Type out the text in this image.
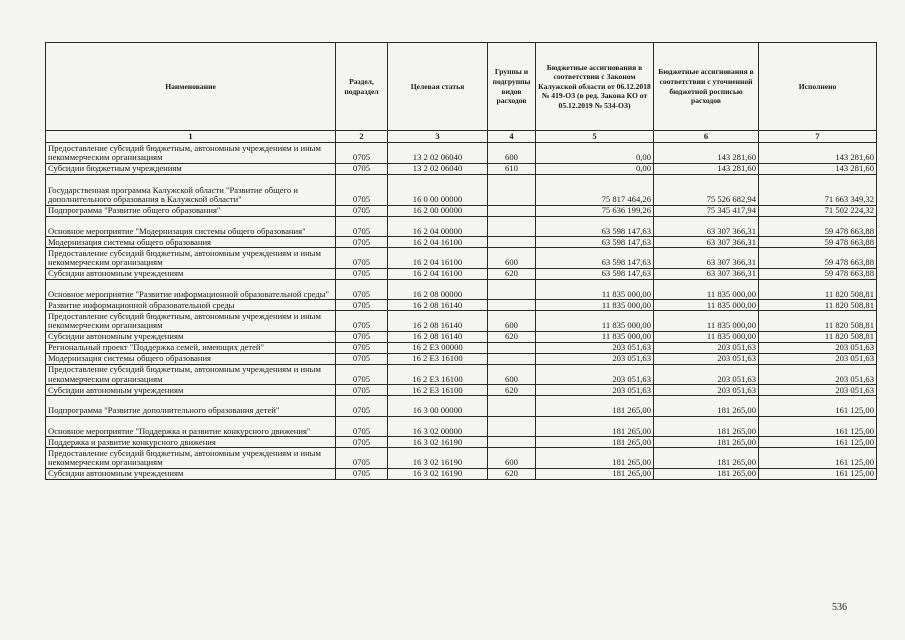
Наименование	Раздел, подраздел	Целевая статья	Группы и подгруппы видов расходов	Бюджетные ассигнования в соответствии с Законом Калужской области от 06.12.2018 № 419-ОЗ (в ред. Закона КО от 05.12.2019 № 534-ОЗ)	Бюджетные ассигнования в соответствии с уточненной бюджетной росписью расходов	Исполнено
1	2	3	4	5	6	7
Предоставление субсидий бюджетным, автономным учреждениям и иным некоммерческим организациям	0705	13 2 02 06040	600	0,00	143 281,60	143 281,60
Субсидии бюджетным учреждениям	0705	13 2 02 06040	610	0,00	143 281,60	143 281,60
Государственная программа Калужской области "Развитие общего и дополнительного образования в Калужской области"	0705	16 0 00 00000		75 817 464,26	75 526 682,94	71 663 349,32
Подпрограмма "Развитие общего образования"	0705	16 2 00 00000		75 636 199,26	75 345 417,94	71 502 224,32
Основное мероприятие "Модернизация системы общего образования"	0705	16 2 04 00000		63 598 147,63	63 307 366,31	59 478 663,88
Модернизация системы общего образования	0705	16 2 04 16100		63 598 147,63	63 307 366,31	59 478 663,88
Предоставление субсидий бюджетным, автономным учреждениям и иным некоммерческим организациям	0705	16 2 04 16100	600	63 598 147,63	63 307 366,31	59 478 663,88
Субсидии автономным учреждениям	0705	16 2 04 16100	620	63 598 147,63	63 307 366,31	59 478 663,88
Основное мероприятие "Развитие информационной образовательной среды"	0705	16 2 08 00000		11 835 000,00	11 835 000,00	11 820 508,81
Развитие информационной образовательной среды	0705	16 2 08 16140		11 835 000,00	11 835 000,00	11 820 508,81
Предоставление субсидий бюджетным, автономным учреждениям и иным некоммерческим организациям	0705	16 2 08 16140	600	11 835 000,00	11 835 000,00	11 820 508,81
Субсидии автономным учреждениям	0705	16 2 08 16140	620	11 835 000,00	11 835 000,00	11 820 508,81
Региональный проект "Поддержка семей, имеющих детей"	0705	16 2 E3 00000		203 051,63	203 051,63	203 051,63
Модернизация системы общего образования	0705	16 2 E3 16100		203 051,63	203 051,63	203 051,63
Предоставление субсидий бюджетным, автономным учреждениям и иным некоммерческим организациям	0705	16 2 E3 16100	600	203 051,63	203 051,63	203 051,63
Субсидии автономным учреждениям	0705	16 2 E3 16100	620	203 051,63	203 051,63	203 051,63
Подпрограмма "Развитие дополнительного образования детей"	0705	16 3 00 00000		181 265,00	181 265,00	161 125,00
Основное мероприятие "Поддержка и развитие конкурсного движения"	0705	16 3 02 00000		181 265,00	181 265,00	161 125,00
Поддержка и развитие конкурсного движения	0705	16 3 02 16190		181 265,00	181 265,00	161 125,00
Предоставление субсидий бюджетным, автономным учреждениям и иным некоммерческим организациям	0705	16 3 02 16190	600	181 265,00	181 265,00	161 125,00
Субсидии автономным учреждениям	0705	16 3 02 16190	620	181 265,00	181 265,00	161 125,00
536
